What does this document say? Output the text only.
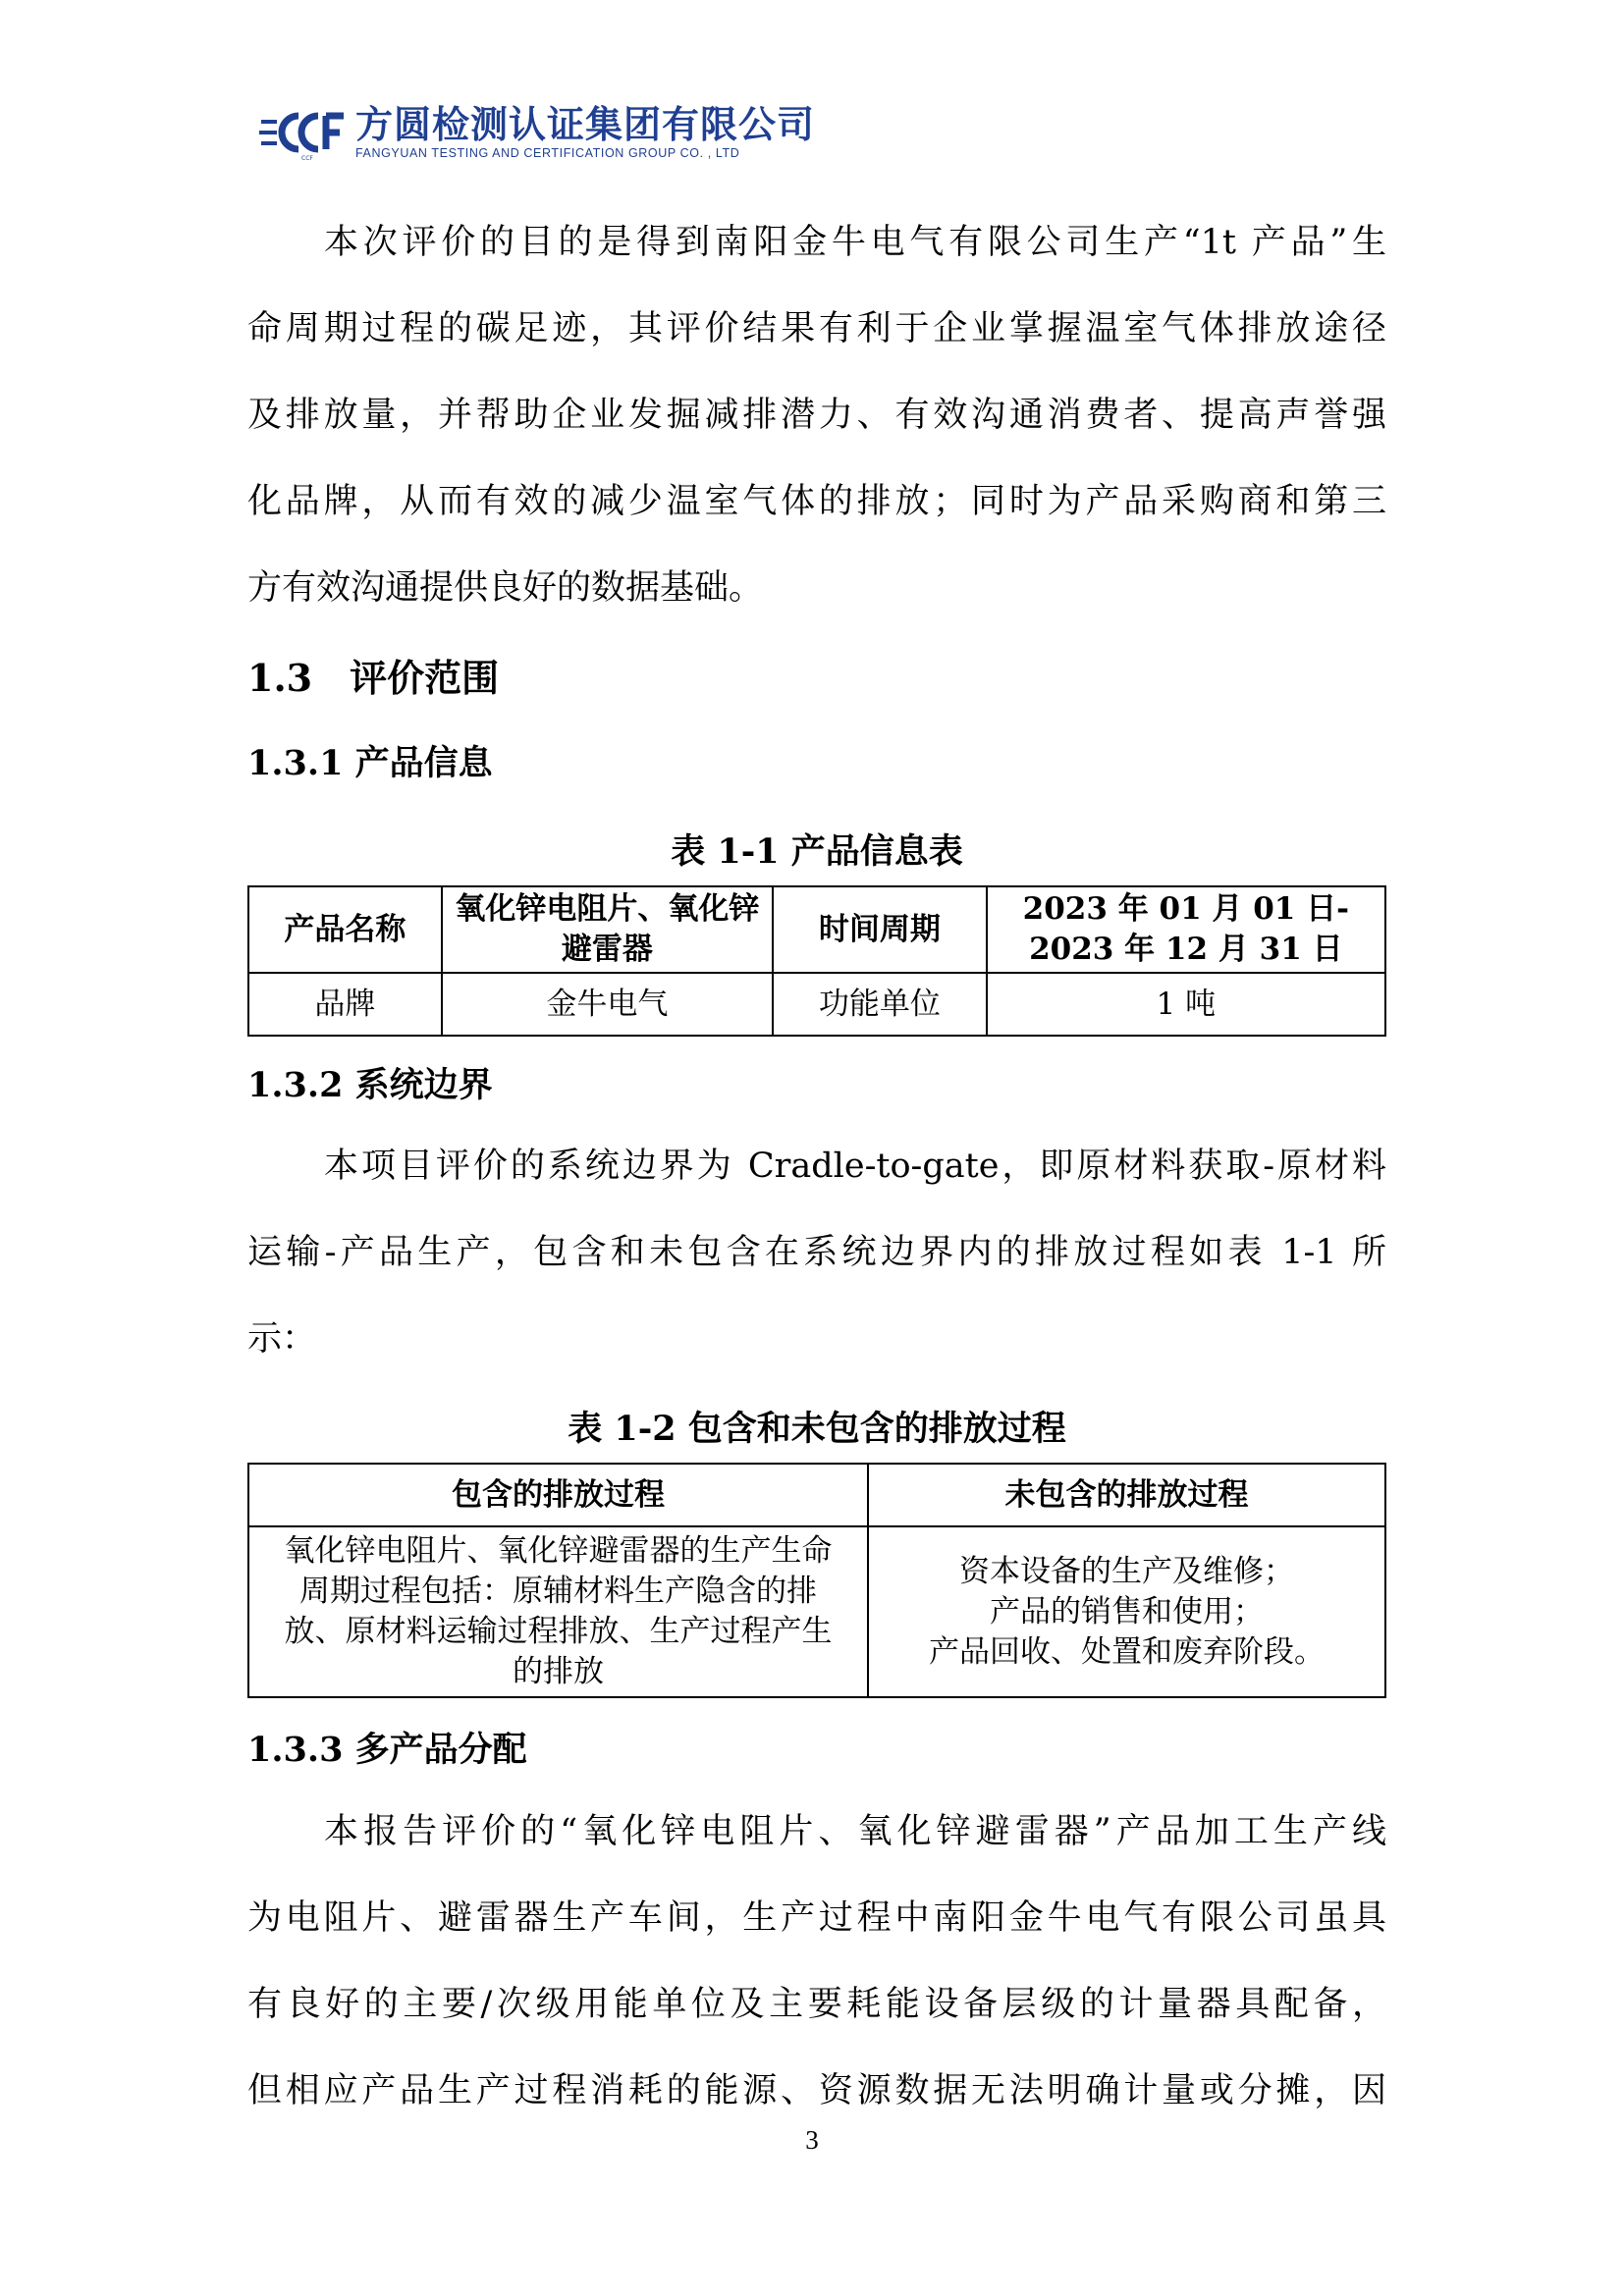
CCF
方圆检测认证集团有限公司
FANGYUAN TESTING AND CERTIFICATION GROUP CO. , LTD
本次评价的目的是得到南阳金牛电气有限公司生产“1t 产品”生
命周期过程的碳足迹，其评价结果有利于企业掌握温室气体排放途径
及排放量，并帮助企业发掘减排潜力、有效沟通消费者、提高声誉强
化品牌，从而有效的减少温室气体的排放；同时为产品采购商和第三
方有效沟通提供良好的数据基础。
1.3　评价范围
1.3.1 产品信息
表 1-1 产品信息表
产品名称	氧化锌电阻片、氧化锌避雷器	时间周期	2023 年 01 月 01 日-
2023 年 12 月 31 日

品牌	金牛电气	功能单位	1 吨
1.3.2 系统边界
本项目评价的系统边界为 Cradle-to-gate，即原材料获取-原材料
运输-产品生产，包含和未包含在系统边界内的排放过程如表 1-1 所
示：
表 1-2 包含和未包含的排放过程
包含的排放过程	未包含的排放过程
氧化锌电阻片、氧化锌避雷器的生产生命周期过程包括：原辅材料生产隐含的排放、原材料运输过程排放、生产过程产生的排放	资本设备的生产及维修；
产品的销售和使用；
产品回收、处置和废弃阶段。
1.3.3 多产品分配
本报告评价的“氧化锌电阻片、氧化锌避雷器”产品加工生产线
为电阻片、避雷器生产车间，生产过程中南阳金牛电气有限公司虽具
有良好的主要/次级用能单位及主要耗能设备层级的计量器具配备，
但相应产品生产过程消耗的能源、资源数据无法明确计量或分摊，因
3
